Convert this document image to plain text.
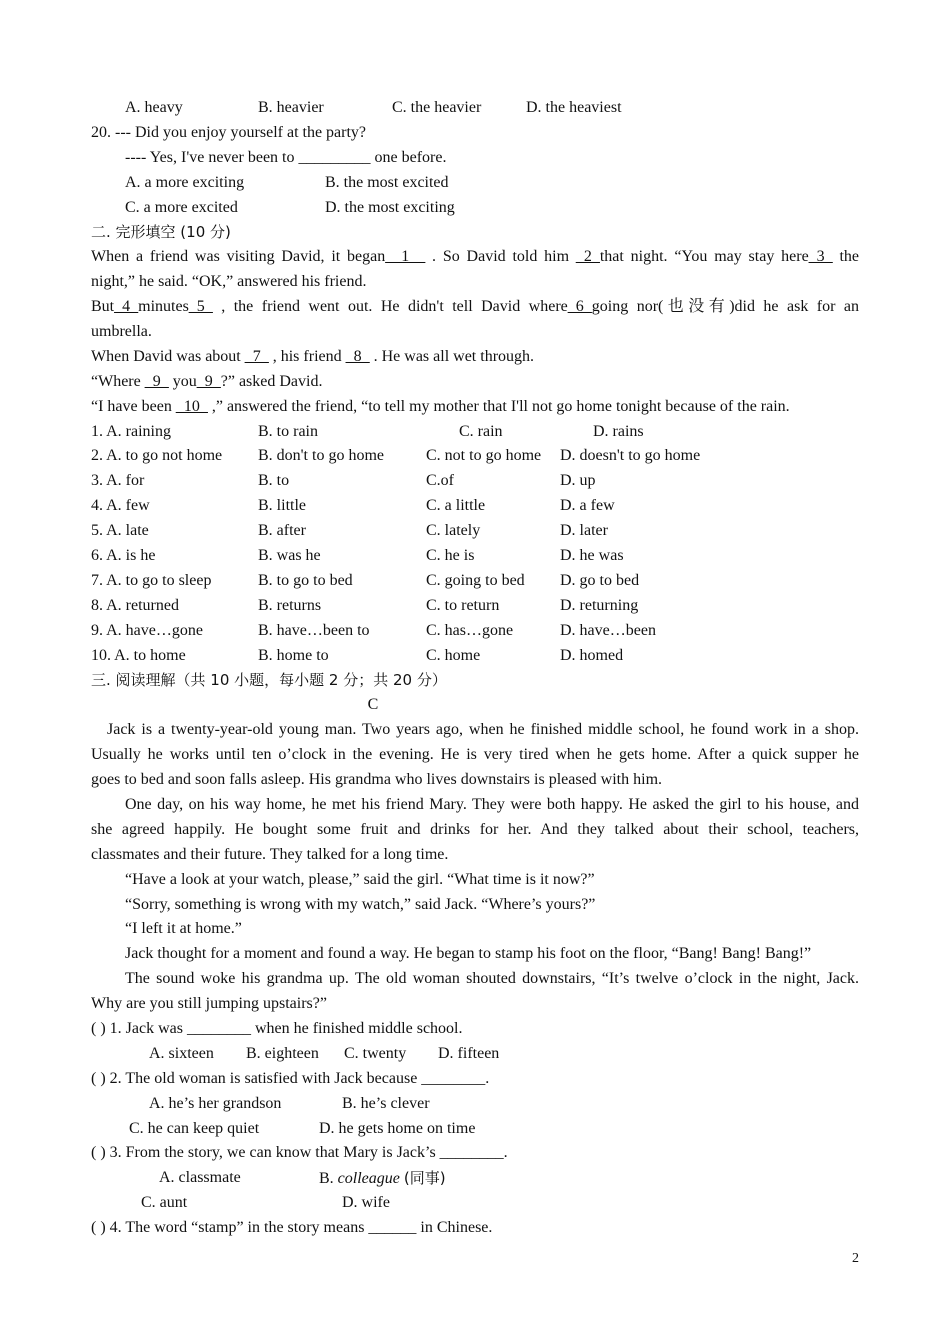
A. heavy	B. heavier	C. the heavier	D. the heaviest
20. --- Did you enjoy yourself at the party?
---- Yes, I've never been to _________ one before.
A. a more exciting	B. the most excited
C. a more excited	D. the most exciting
二. 完形填空 (10 分)
When a friend was visiting David, it began__1__ . So David told him _2_that night. “You may stay here_3_ the
night,” he said. “OK,” answered his friend.
But_4_minutes_5_ , the friend went out. He didn't tell David where_6_going nor(也没有)did he ask for an
umbrella.
When David was about _7_ , his friend _8_ . He was all wet through.
“Where _9_ you_9_?” asked David.
“I have been _10_ ,” answered the friend, “to tell my mother that I'll not go home tonight because of the rain.
1. A. raining	B. to rain	C. rain	D. rains
2. A. to go not home B. don't to go home	C. not to go home D. doesn't to go home
3. A. for	B. to	C.of	D. up
4. A. few	B. little	C. a little	D. a few
5. A. late	B. after	C. lately	D. later
6. A. is he	B. was he	C. he is	D. he was
7. A. to go to sleep	B. to go to bed	C. going to bed D. go to bed
8. A. returned	B. returns	C. to return	D. returning
9. A. have…gone	B. have…been to	C. has…gone	D. have…been
10. A. to home	B. home to	C. home	D. homed
三. 阅读理解（共 10 小题，每小题 2 分；共 20 分）
C
Jack is a twenty-year-old young man. Two years ago, when he finished middle school, he found work in a shop.
Usually he works until ten o’clock in the evening. He is very tired when he gets home. After a quick supper he
goes to bed and soon falls asleep. His grandma who lives downstairs is pleased with him.
One day, on his way home, he met his friend Mary. They were both happy. He asked the girl to his house, and
she agreed happily. He bought some fruit and drinks for her. And they talked about their school, teachers,
classmates and their future. They talked for a long time.
“Have a look at your watch, please,” said the girl. “What time is it now?”
“Sorry, something is wrong with my watch,” said Jack. “Where’s yours?”
“I left it at home.”
Jack thought for a moment and found a way. He began to stamp his foot on the floor, “Bang! Bang! Bang!”
The sound woke his grandma up. The old woman shouted downstairs, “It’s twelve o’clock in the night, Jack.
Why are you still jumping upstairs?”
( ) 1. Jack was ________ when he finished middle school.
A. sixteen B. eighteen C. twenty D. fifteen
( ) 2. The old woman is satisfied with Jack because ________.
A. he’s her grandson	B. he’s clever
C. he can keep quiet	D. he gets home on time
( ) 3. From the story, we can know that Mary is Jack’s ________.
A. classmate	B. colleague (同事)
C. aunt	D. wife
( ) 4. The word “stamp” in the story means ______ in Chinese.
2
